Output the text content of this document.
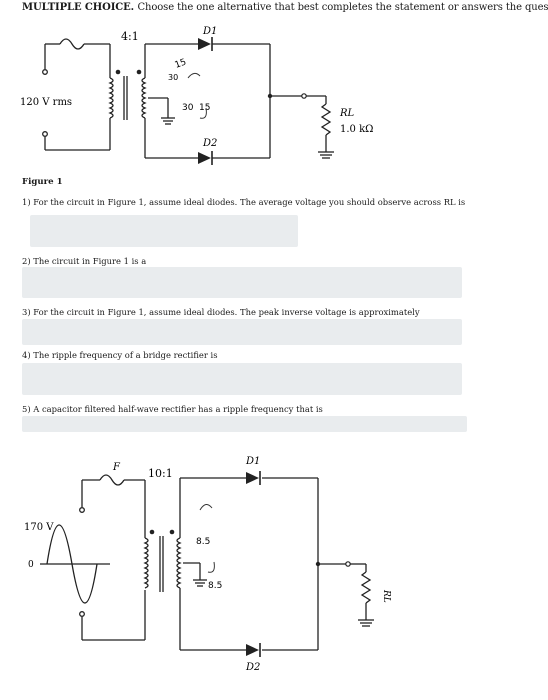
MULTIPLE CHOICE. Choose the one alternative that best completes the statement or answers the ques
4:1
120 V rms
D1
D2
RL
1.0 kΩ
15
30
30 15
Figure 1
1) For the circuit in Figure 1, assume ideal diodes. The average voltage you should observe across RL is
2) The circuit in Figure 1 is a
3) For the circuit in Figure 1, assume ideal diodes. The peak inverse voltage is approximately
4) The ripple frequency of a bridge rectifier is
5) A capacitor filtered half-wave rectifier has a ripple frequency that is
F	10:1
170 V
0
D1
D2
RL
8.5
8.5
